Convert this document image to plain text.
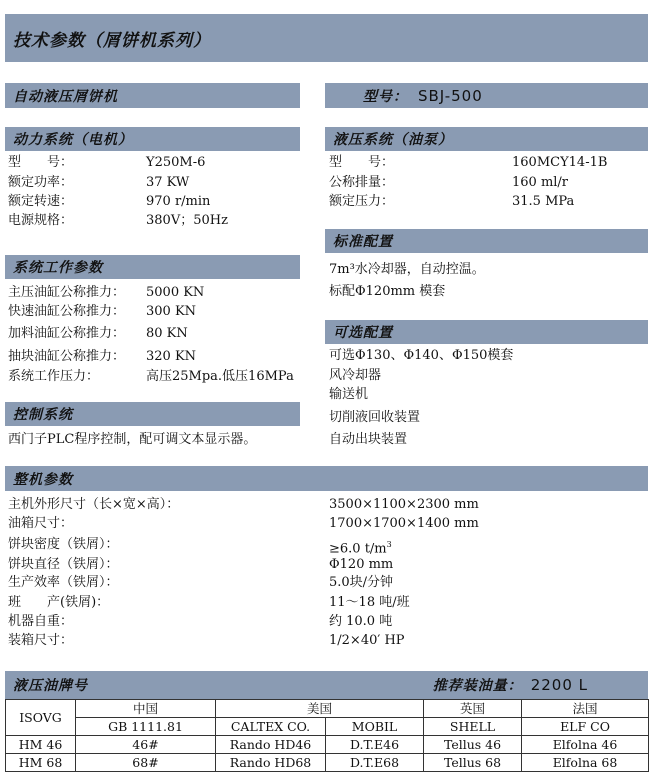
技术参数（屑饼机系列）
自动液压屑饼机	型号： SBJ-500
动力系统（电机）
型　　号：	Y250M-6
额定功率：	37 KW
额定转速：	970 r/min
电源规格：	380V；50Hz
液压系统（油泵）
型　　号：	160MCY14-1B
公称排量：	160 ml/r
额定压力：	31.5 MPa
标准配置
7m³水冷却器，自动控温。
标配Φ120mm 模套
系统工作参数
主压油缸公称推力： 5000 KN
快速油缸公称推力： 300 KN
加料油缸公称推力： 80 KN
抽块油缸公称推力： 320 KN
系统工作压力：	高压25Mpa.低压16MPa
可选配置
可选Φ130、Φ140、Φ150模套
风冷却器
输送机
切削液回收装置
自动出块装置
控制系统
西门子PLC程序控制，配可调文本显示器。
整机参数
主机外形尺寸（长×宽×高）：	3500×1100×2300 mm
油箱尺寸：	1700×1700×1400 mm
饼块密度（铁屑）：	≥6.0 $t/m^3$
饼块直径（铁屑）：	Φ120 mm
生产效率（铁屑）：	5.0块/分钟
班　　产(铁屑)：	11～18 吨/班
机器自重：	约 10.0 吨
装箱尺寸：	1/2×40′ HP
液压油牌号	推荐装油量： 2200 L
ISOVG	中国	美国		英国	法国
	GB 1111.81	CALTEX CO.	MOBIL	SHELL	ELF CO
HM 46	46#	Rando HD46	D.T.E46	Tellus 46	Elfolna 46
HM 68	68#	Rando HD68	D.T.E68	Tellus 68	Elfolna 68
